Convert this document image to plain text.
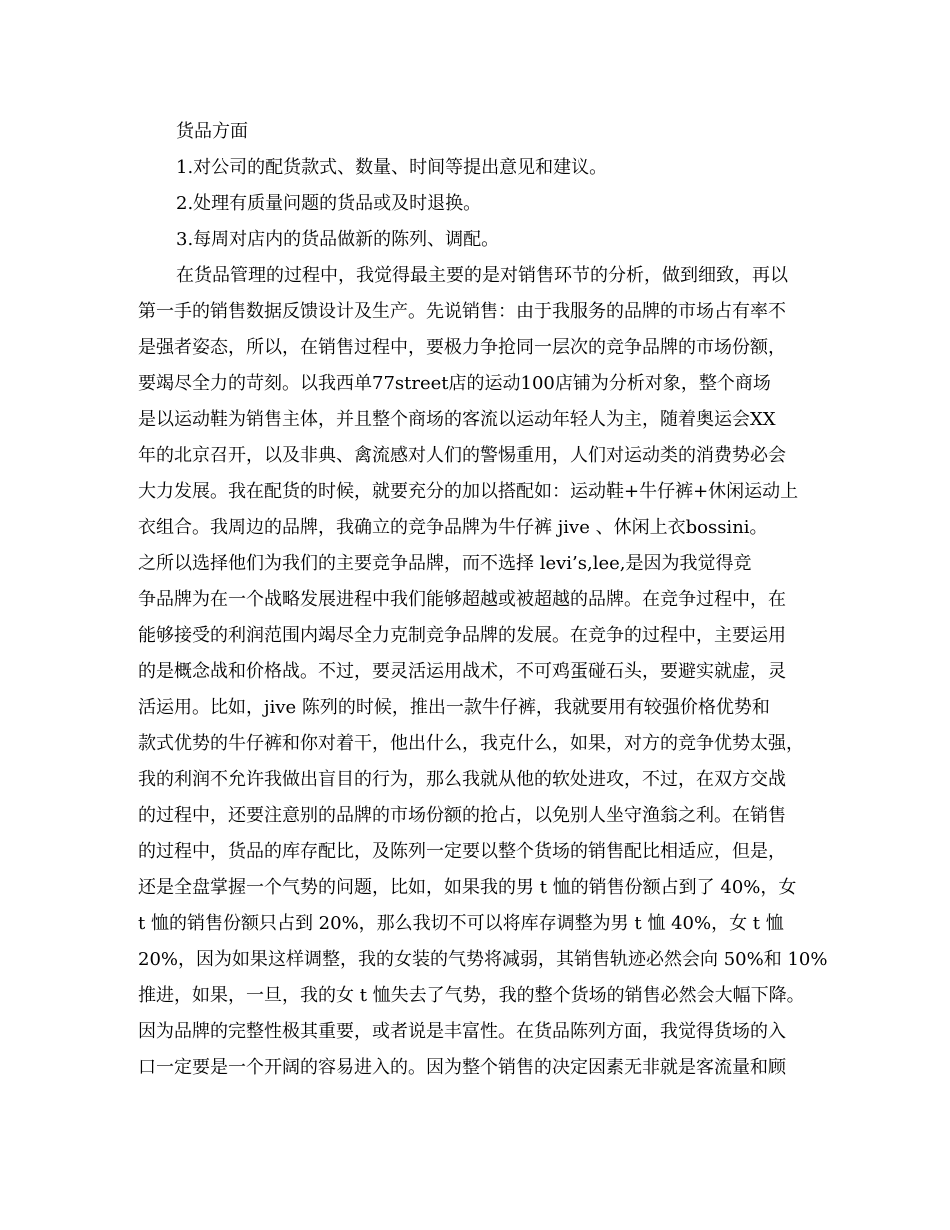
货品方面
1.对公司的配货款式、数量、时间等提出意见和建议。
2.处理有质量问题的货品或及时退换。
3.每周对店内的货品做新的陈列、调配。
在货品管理的过程中，我觉得最主要的是对销售环节的分析，做到细致，再以
第一手的销售数据反馈设计及生产。先说销售：由于我服务的品牌的市场占有率不
是强者姿态，所以，在销售过程中，要极力争抢同一层次的竞争品牌的市场份额，
要竭尽全力的苛刻。以我西单77street店的运动100店铺为分析对象，整个商场
是以运动鞋为销售主体，并且整个商场的客流以运动年轻人为主，随着奥运会XX
年的北京召开，以及非典、禽流感对人们的警惕重用，人们对运动类的消费势必会
大力发展。我在配货的时候，就要充分的加以搭配如：运动鞋+牛仔裤+休闲运动上
衣组合。我周边的品牌，我确立的竞争品牌为牛仔裤 jive 、休闲上衣bossini。
之所以选择他们为我们的主要竞争品牌，而不选择 levi’s,lee,是因为我觉得竞
争品牌为在一个战略发展进程中我们能够超越或被超越的品牌。在竞争过程中，在
能够接受的利润范围内竭尽全力克制竞争品牌的发展。在竞争的过程中，主要运用
的是概念战和价格战。不过，要灵活运用战术，不可鸡蛋碰石头，要避实就虚，灵
活运用。比如，jive 陈列的时候，推出一款牛仔裤，我就要用有较强价格优势和
款式优势的牛仔裤和你对着干，他出什么，我克什么，如果，对方的竞争优势太强，
我的利润不允许我做出盲目的行为，那么我就从他的软处进攻，不过，在双方交战
的过程中，还要注意别的品牌的市场份额的抢占，以免别人坐守渔翁之利。在销售
的过程中，货品的库存配比，及陈列一定要以整个货场的销售配比相适应，但是，
还是全盘掌握一个气势的问题，比如，如果我的男 t 恤的销售份额占到了 40%，女
t 恤的销售份额只占到 20%，那么我切不可以将库存调整为男 t 恤 40%，女 t 恤
20%，因为如果这样调整，我的女装的气势将减弱，其销售轨迹必然会向 50%和 10%
推进，如果，一旦，我的女 t 恤失去了气势，我的整个货场的销售必然会大幅下降。
因为品牌的完整性极其重要，或者说是丰富性。在货品陈列方面，我觉得货场的入
口一定要是一个开阔的容易进入的。因为整个销售的决定因素无非就是客流量和顾
